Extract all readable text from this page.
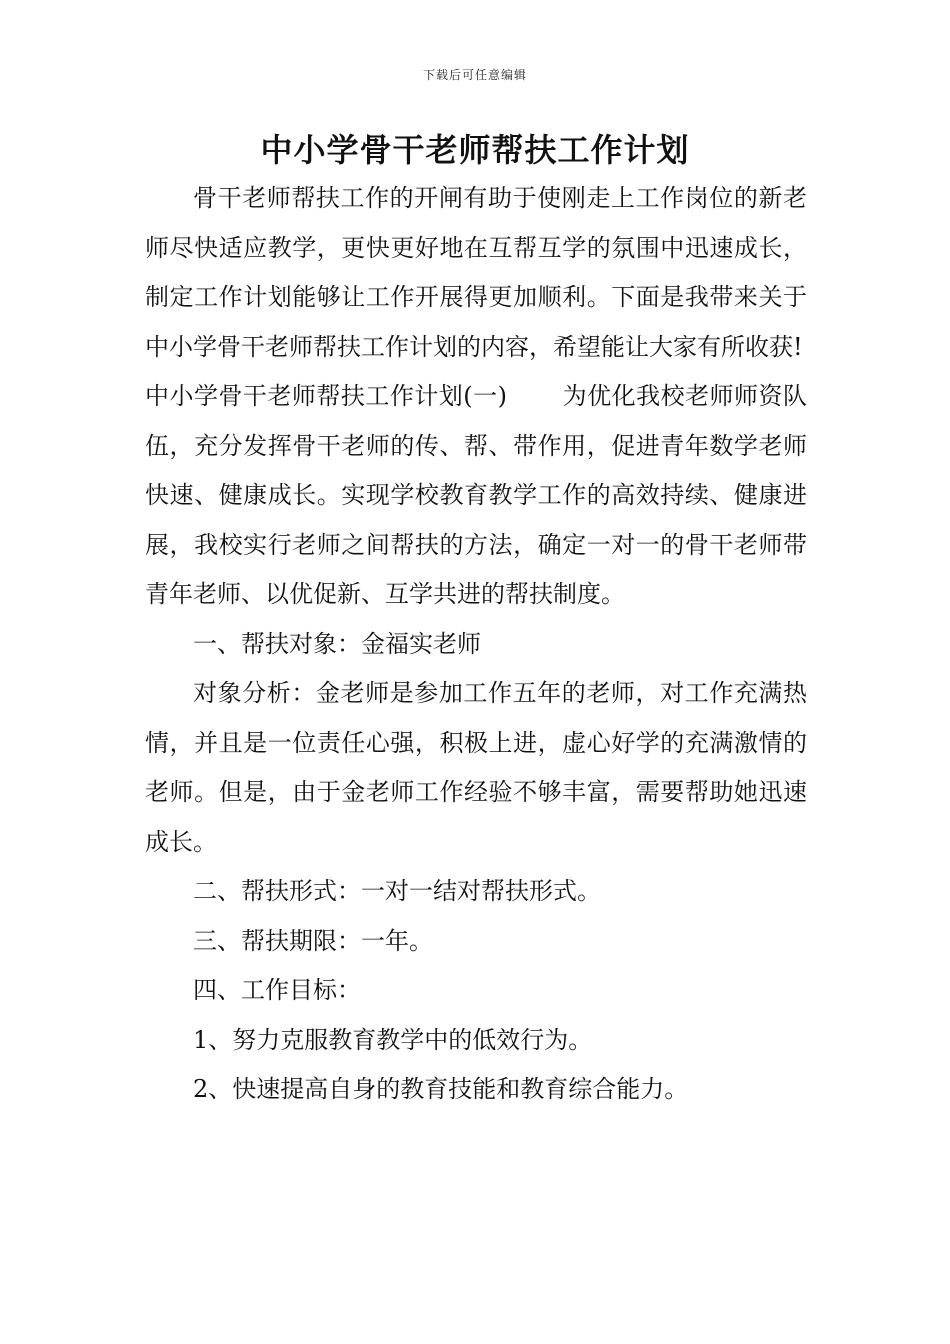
下载后可任意编辑
中小学骨干老师帮扶工作计划

骨干老师帮扶工作的开闸有助于使刚走上工作岗位的新老师尽快适应教学，更快更好地在互帮互学的氛围中迅速成长，制定工作计划能够让工作开展得更加顺利。下面是我带来关于中小学骨干老师帮扶工作计划的内容，希望能让大家有所收获!

中小学骨干老师帮扶工作计划(一) 为优化我校老师师资队伍，充分发挥骨干老师的传、帮、带作用，促进青年数学老师快速、健康成长。实现学校教育教学工作的高效持续、健康进展，我校实行老师之间帮扶的方法，确定一对一的骨干老师带青年老师、以优促新、互学共进的帮扶制度。

一、帮扶对象：金福实老师

对象分析：金老师是参加工作五年的老师，对工作充满热情，并且是一位责任心强，积极上进，虚心好学的充满激情的老师。但是，由于金老师工作经验不够丰富，需要帮助她迅速成长。

二、帮扶形式：一对一结对帮扶形式。

三、帮扶期限：一年。

四、工作目标：

1、努力克服教育教学中的低效行为。

2、快速提高自身的教育技能和教育综合能力。
